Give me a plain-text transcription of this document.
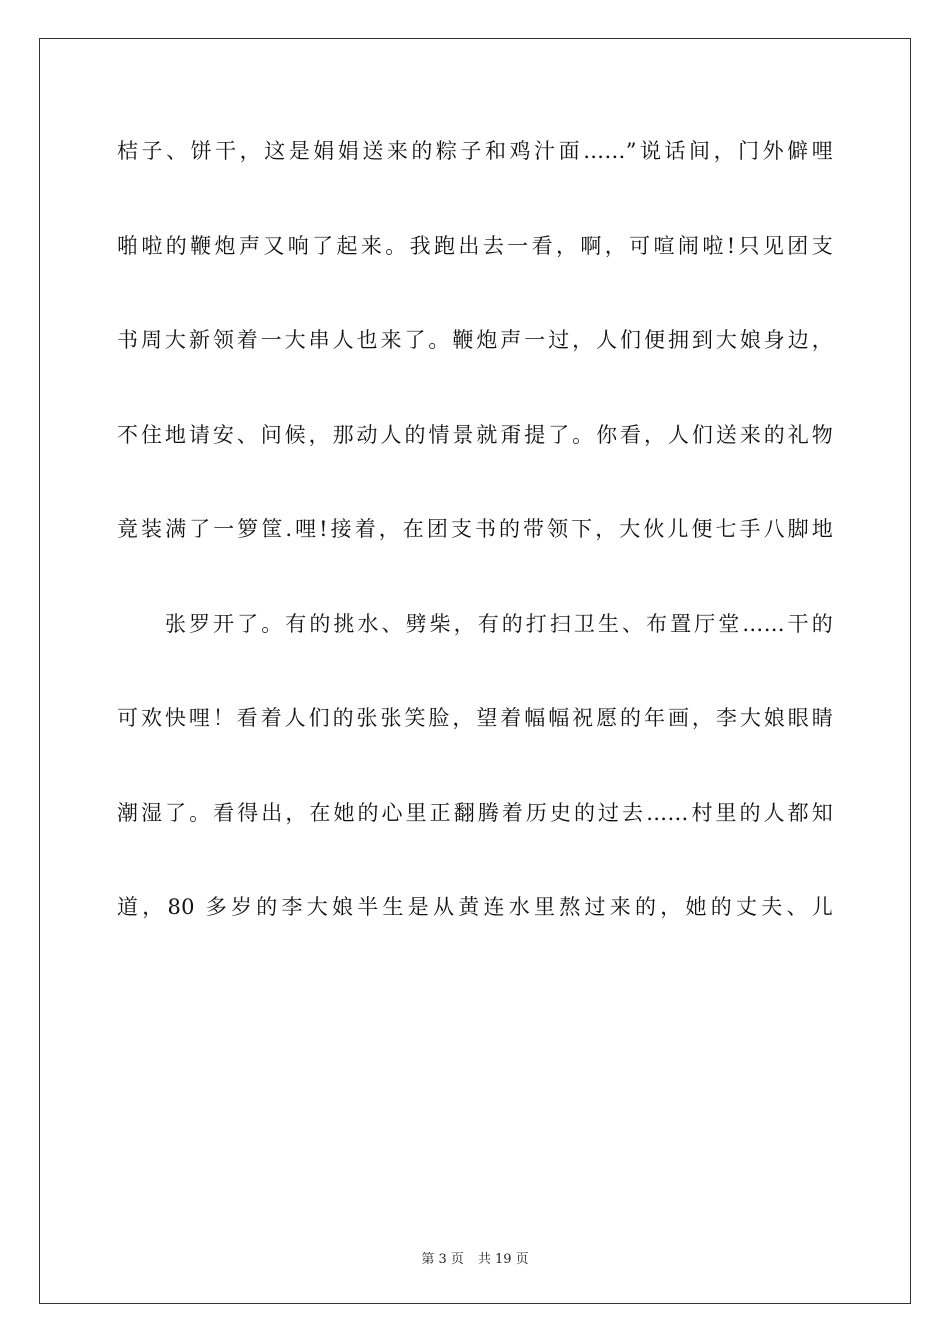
桔子、饼干，这是娟娟送来的粽子和鸡汁面……”说话间，门外僻哩
啪啦的鞭炮声又响了起来。我跑出去一看，啊，可喧闹啦!只见团支
书周大新领着一大串人也来了。鞭炮声一过，人们便拥到大娘身边，
不住地请安、问候，那动人的情景就甭提了。你看，人们送来的礼物
竟装满了一箩筐.哩!接着，在团支书的带领下，大伙儿便七手八脚地
张罗开了。有的挑水、劈柴，有的打扫卫生、布置厅堂……干的
可欢快哩！看着人们的张张笑脸，望着幅幅祝愿的年画，李大娘眼睛
潮湿了。看得出，在她的心里正翻腾着历史的过去……村里的人都知
道，80 多岁的李大娘半生是从黄连水里熬过来的，她的丈夫、儿
第 3 页 共 19 页
